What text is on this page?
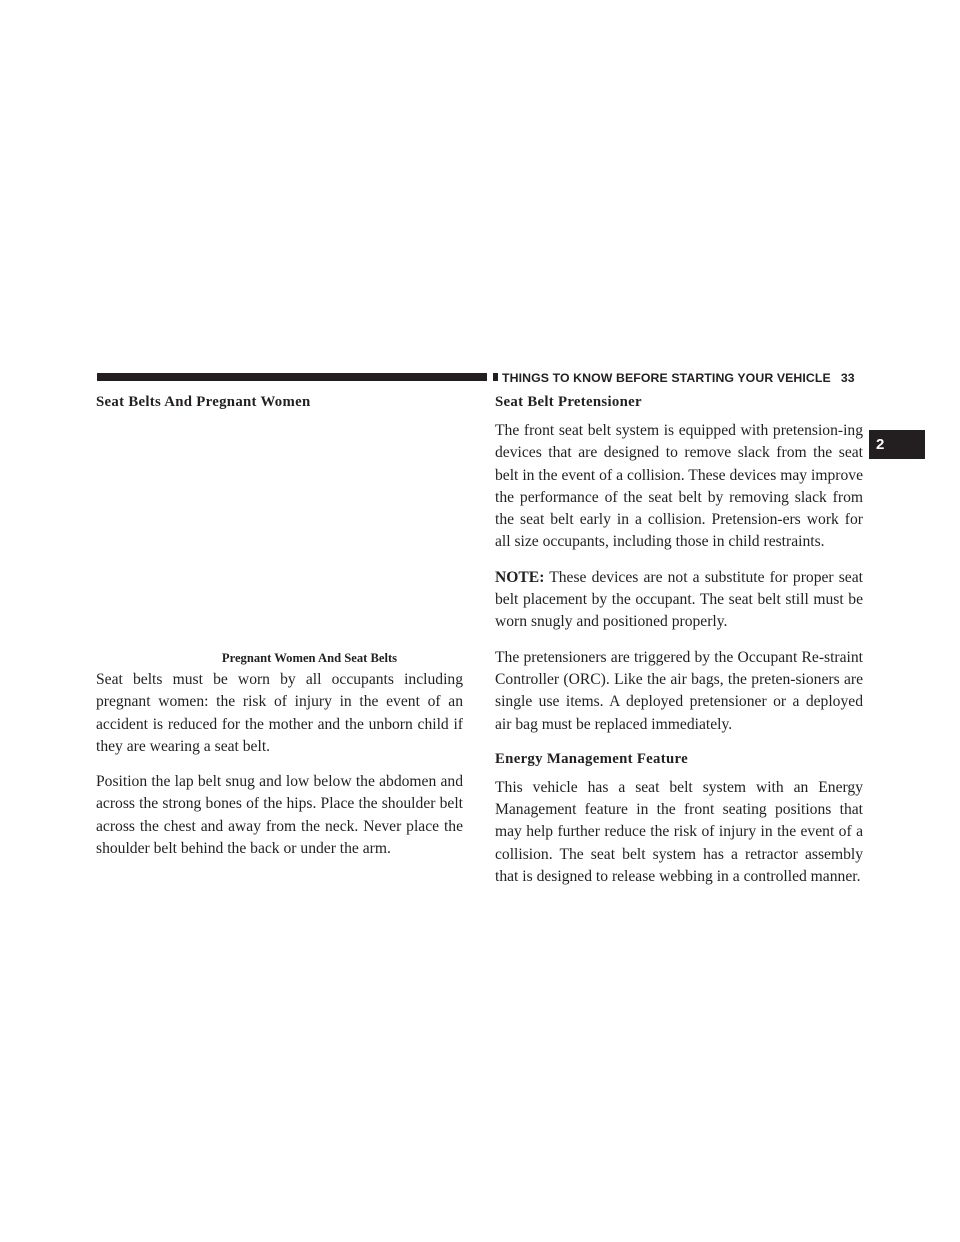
THINGS TO KNOW BEFORE STARTING YOUR VEHICLE 33
2
Seat Belts And Pregnant Women
Pregnant Women And Seat Belts

Seat belts must be worn by all occupants including pregnant women: the risk of injury in the event of an accident is reduced for the mother and the unborn child if they are wearing a seat belt.

Position the lap belt snug and low below the abdomen and across the strong bones of the hips. Place the shoulder belt across the chest and away from the neck. Never place the shoulder belt behind the back or under the arm.

Seat Belt Pretensioner

The front seat belt system is equipped with pretension-ing devices that are designed to remove slack from the seat belt in the event of a collision. These devices may improve the performance of the seat belt by removing slack from the seat belt early in a collision. Pretension-ers work for all size occupants, including those in child restraints.

NOTE: These devices are not a substitute for proper seat belt placement by the occupant. The seat belt still must be worn snugly and positioned properly.

The pretensioners are triggered by the Occupant Re-straint Controller (ORC). Like the air bags, the preten-sioners are single use items. A deployed pretensioner or a deployed air bag must be replaced immediately.

Energy Management Feature

This vehicle has a seat belt system with an Energy Management feature in the front seating positions that may help further reduce the risk of injury in the event of a collision. The seat belt system has a retractor assembly that is designed to release webbing in a controlled manner.
